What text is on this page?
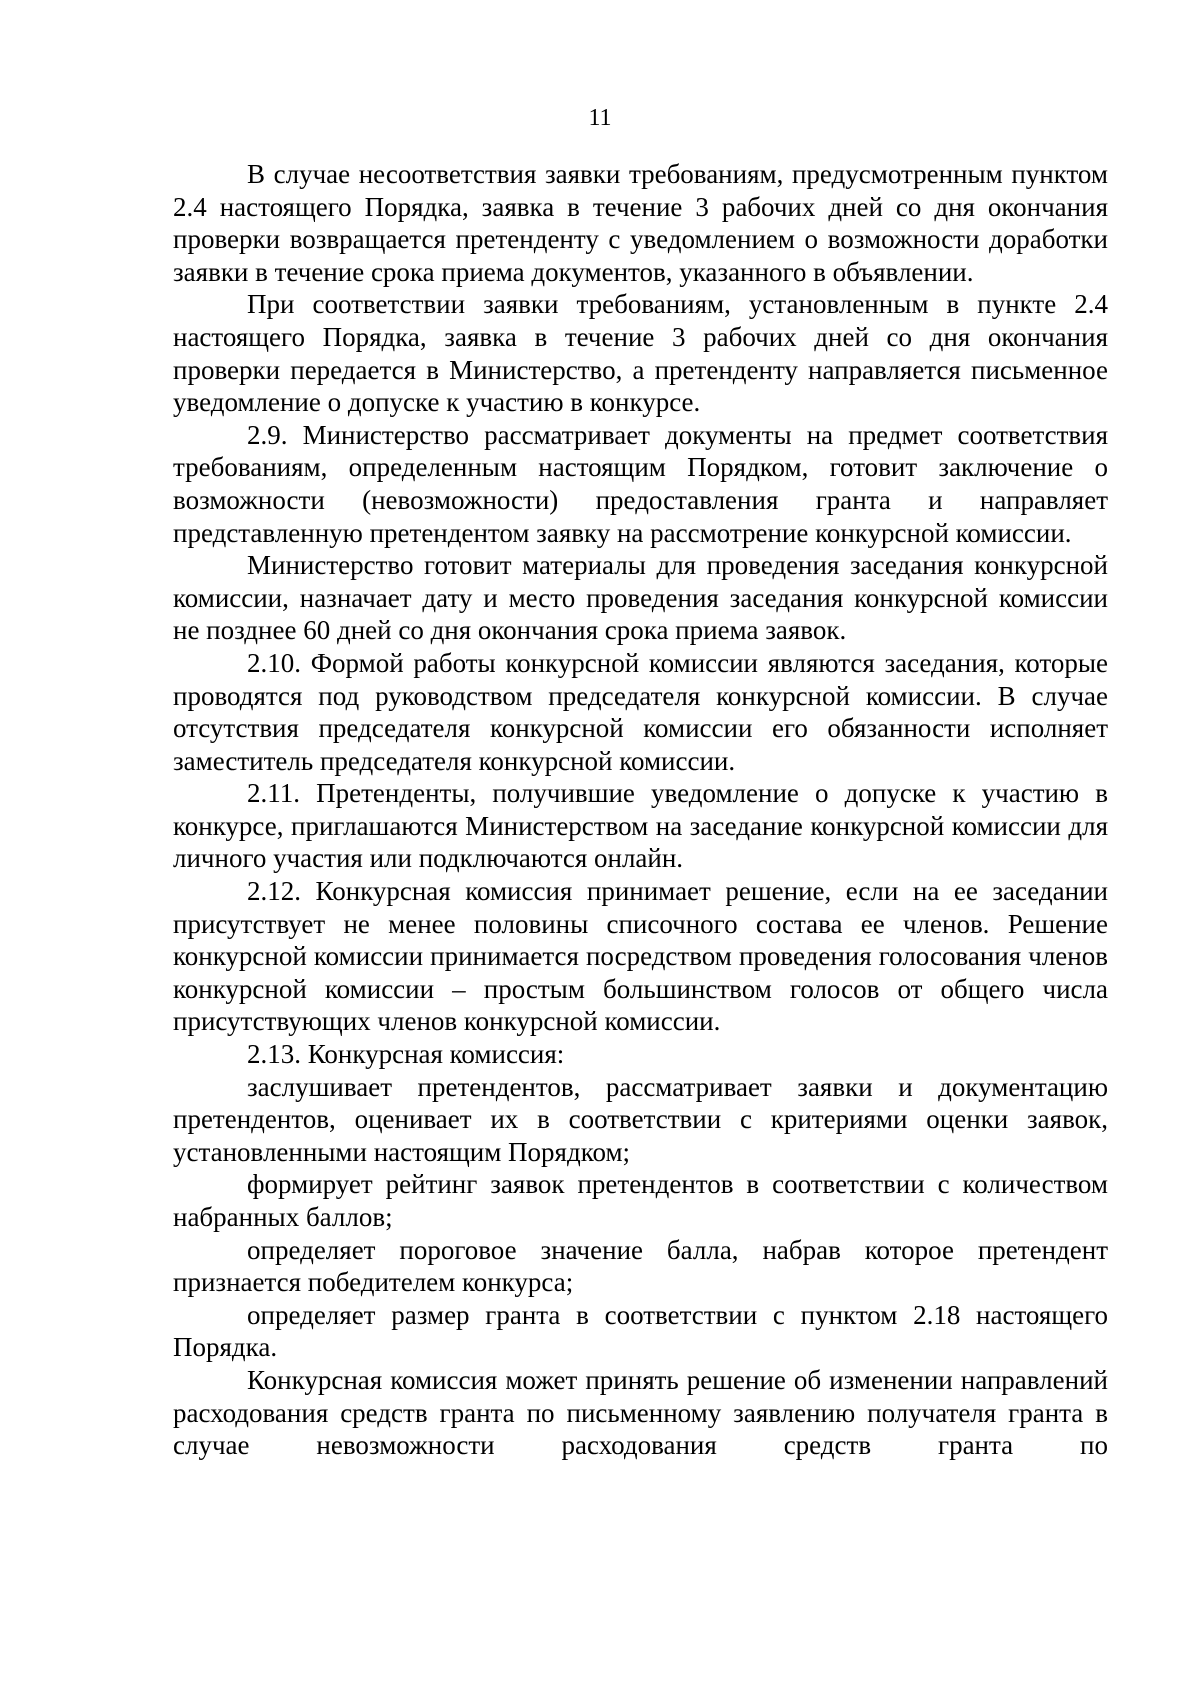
11

В случае несоответствия заявки требованиям, предусмотренным пунктом 2.4 настоящего Порядка, заявка в течение 3 рабочих дней со дня окончания проверки возвращается претенденту с уведомлением о возможности доработки заявки в течение срока приема документов, указанного в объявлении.

При соответствии заявки требованиям, установленным в пункте 2.4 настоящего Порядка, заявка в течение 3 рабочих дней со дня окончания проверки передается в Министерство, а претенденту направляется письменное уведомление о допуске к участию в конкурсе.

2.9. Министерство рассматривает документы на предмет соответствия требованиям, определенным настоящим Порядком, готовит заключение о возможности (невозможности) предоставления гранта и направляет представленную претендентом заявку на рассмотрение конкурсной комиссии.

Министерство готовит материалы для проведения заседания конкурсной комиссии, назначает дату и место проведения заседания конкурсной комиссии не позднее 60 дней со дня окончания срока приема заявок.

2.10. Формой работы конкурсной комиссии являются заседания, которые проводятся под руководством председателя конкурсной комиссии. В случае отсутствия председателя конкурсной комиссии его обязанности исполняет заместитель председателя конкурсной комиссии.

2.11. Претенденты, получившие уведомление о допуске к участию в конкурсе, приглашаются Министерством на заседание конкурсной комиссии для личного участия или подключаются онлайн.

2.12. Конкурсная комиссия принимает решение, если на ее заседании присутствует не менее половины списочного состава ее членов. Решение конкурсной комиссии принимается посредством проведения голосования членов конкурсной комиссии – простым большинством голосов от общего числа присутствующих членов конкурсной комиссии.

2.13. Конкурсная комиссия:

заслушивает претендентов, рассматривает заявки и документацию претендентов, оценивает их в соответствии с критериями оценки заявок, установленными настоящим Порядком;

формирует рейтинг заявок претендентов в соответствии с количеством набранных баллов;

определяет пороговое значение балла, набрав которое претендент признается победителем конкурса;

определяет размер гранта в соответствии с пунктом 2.18 настоящего Порядка.

Конкурсная комиссия может принять решение об изменении направлений расходования средств гранта по письменному заявлению получателя гранта в случае невозможности расходования средств гранта по
